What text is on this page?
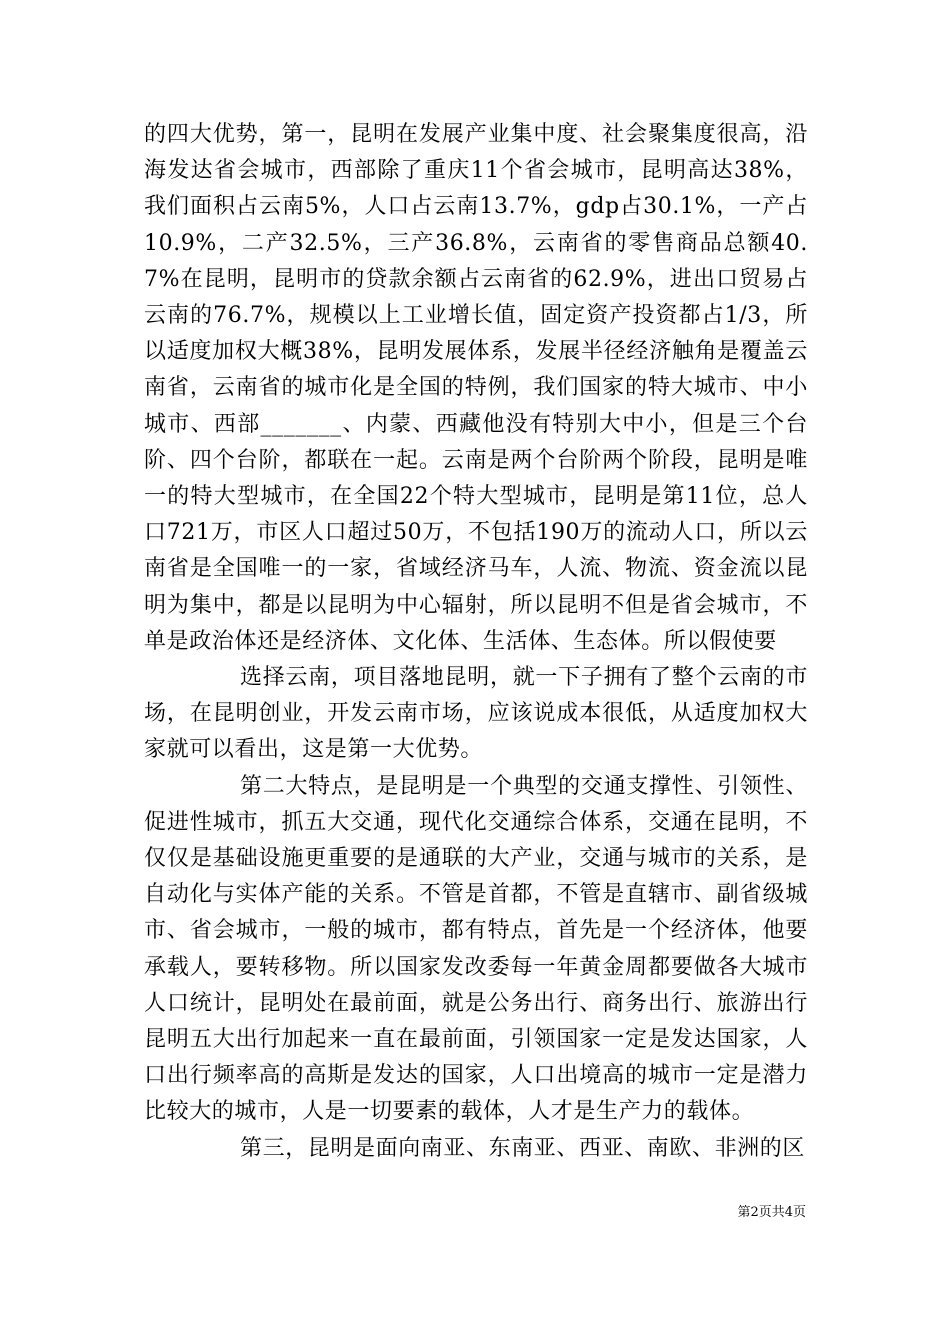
的四大优势，第一，昆明在发展产业集中度、社会聚集度很高，沿海发达省会城市，西部除了重庆11个省会城市，昆明高达38%，我们面积占云南5%，人口占云南13.7%，gdp占30.1%，一产占10.9%，二产32.5%，三产36.8%，云南省的零售商品总额40.7%在昆明，昆明市的贷款余额占云南省的62.9%，进出口贸易占云南的76.7%，规模以上工业增长值，固定资产投资都占1/3，所以适度加权大概38%，昆明发展体系，发展半径经济触角是覆盖云南省，云南省的城市化是全国的特例，我们国家的特大城市、中小城市、西部_______、内蒙、西藏他没有特别大中小，但是三个台阶、四个台阶，都联在一起。云南是两个台阶两个阶段，昆明是唯一的特大型城市，在全国22个特大型城市，昆明是第11位，总人口721万，市区人口超过50万，不包括190万的流动人口，所以云南省是全国唯一的一家，省域经济马车，人流、物流、资金流以昆明为集中，都是以昆明为中心辐射，所以昆明不但是省会城市，不单是政治体还是经济体、文化体、生活体、生态体。所以假使要

选择云南，项目落地昆明，就一下子拥有了整个云南的市场，在昆明创业，开发云南市场，应该说成本很低，从适度加权大家就可以看出，这是第一大优势。

第二大特点，是昆明是一个典型的交通支撑性、引领性、促进性城市，抓五大交通，现代化交通综合体系，交通在昆明，不仅仅是基础设施更重要的是通联的大产业，交通与城市的关系，是自动化与实体产能的关系。不管是首都，不管是直辖市、副省级城市、省会城市，一般的城市，都有特点，首先是一个经济体，他要承载人，要转移物。所以国家发改委每一年黄金周都要做各大城市人口统计，昆明处在最前面，就是公务出行、商务出行、旅游出行昆明五大出行加起来一直在最前面，引领国家一定是发达国家，人口出行频率高的高斯是发达的国家，人口出境高的城市一定是潜力比较大的城市，人是一切要素的载体，人才是生产力的载体。

第三，昆明是面向南亚、东南亚、西亚、南欧、非洲的区

第2页共4页
